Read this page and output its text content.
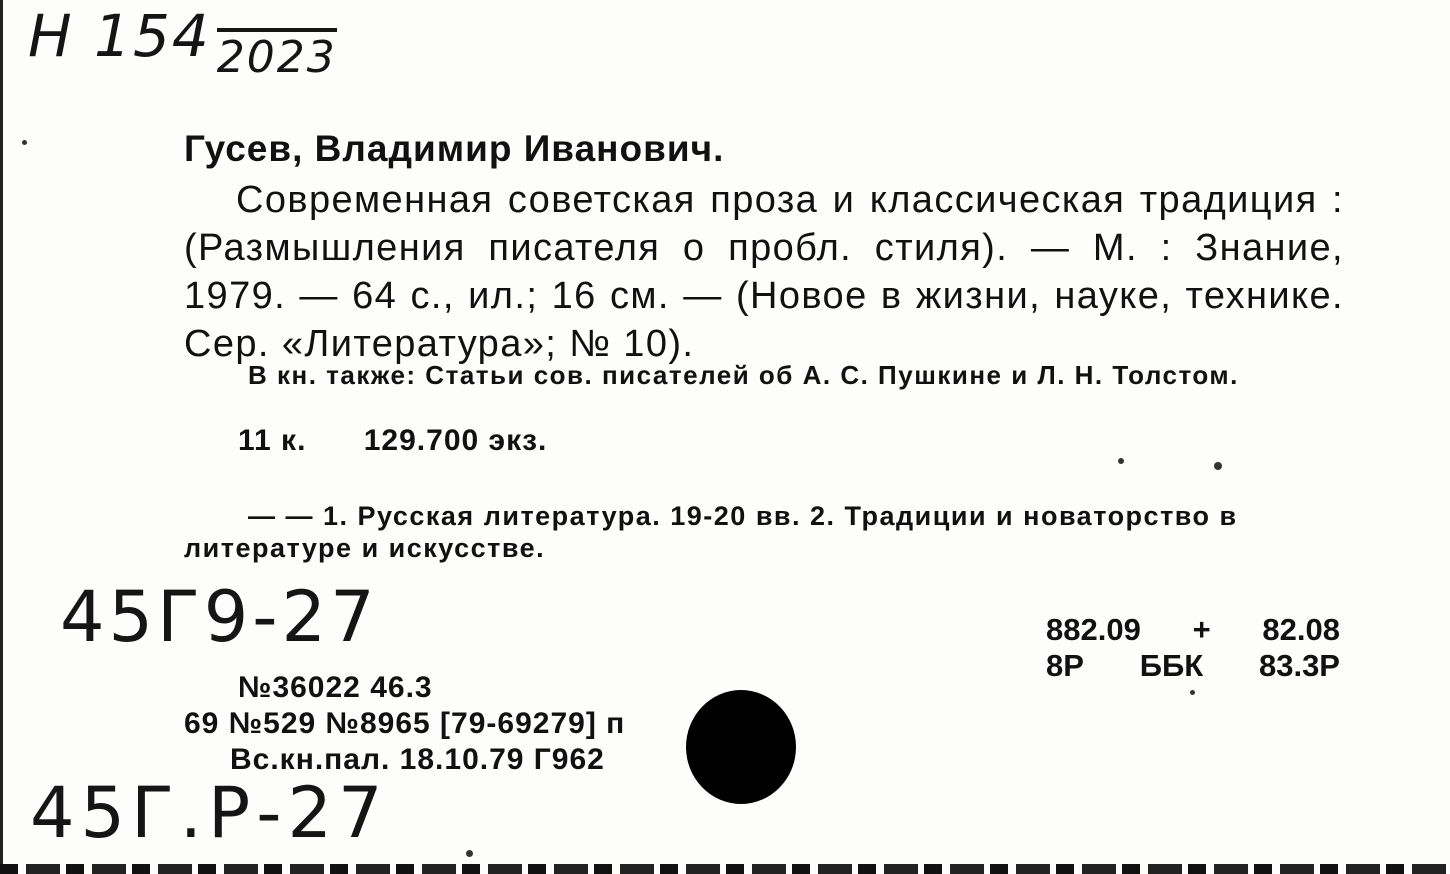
Н 154 2023
Гусев, Владимир Иванович.
Современная советская проза и классическая традиция : (Размышления писателя о пробл. стиля). — М. : Знание, 1979. — 64 с., ил.; 16 см. — (Новое в жизни, науке, технике. Сер. «Литература»; № 10).
В кн. также: Статьи сов. писателей об А. С. Пушкине и Л. Н. Толстом.
11 к. 129.700 экз.
— — 1. Русская литература. 19-20 вв. 2. Традиции и новаторство в литературе и искусстве.
45Г9-27	882.09 + 82.08
8Р ББК 83.3Р
№36022 46.3
69 №529 №8965 [79-69279] п
Вс.кн.пал. 18.10.79 Г962
45Г.Р-27
